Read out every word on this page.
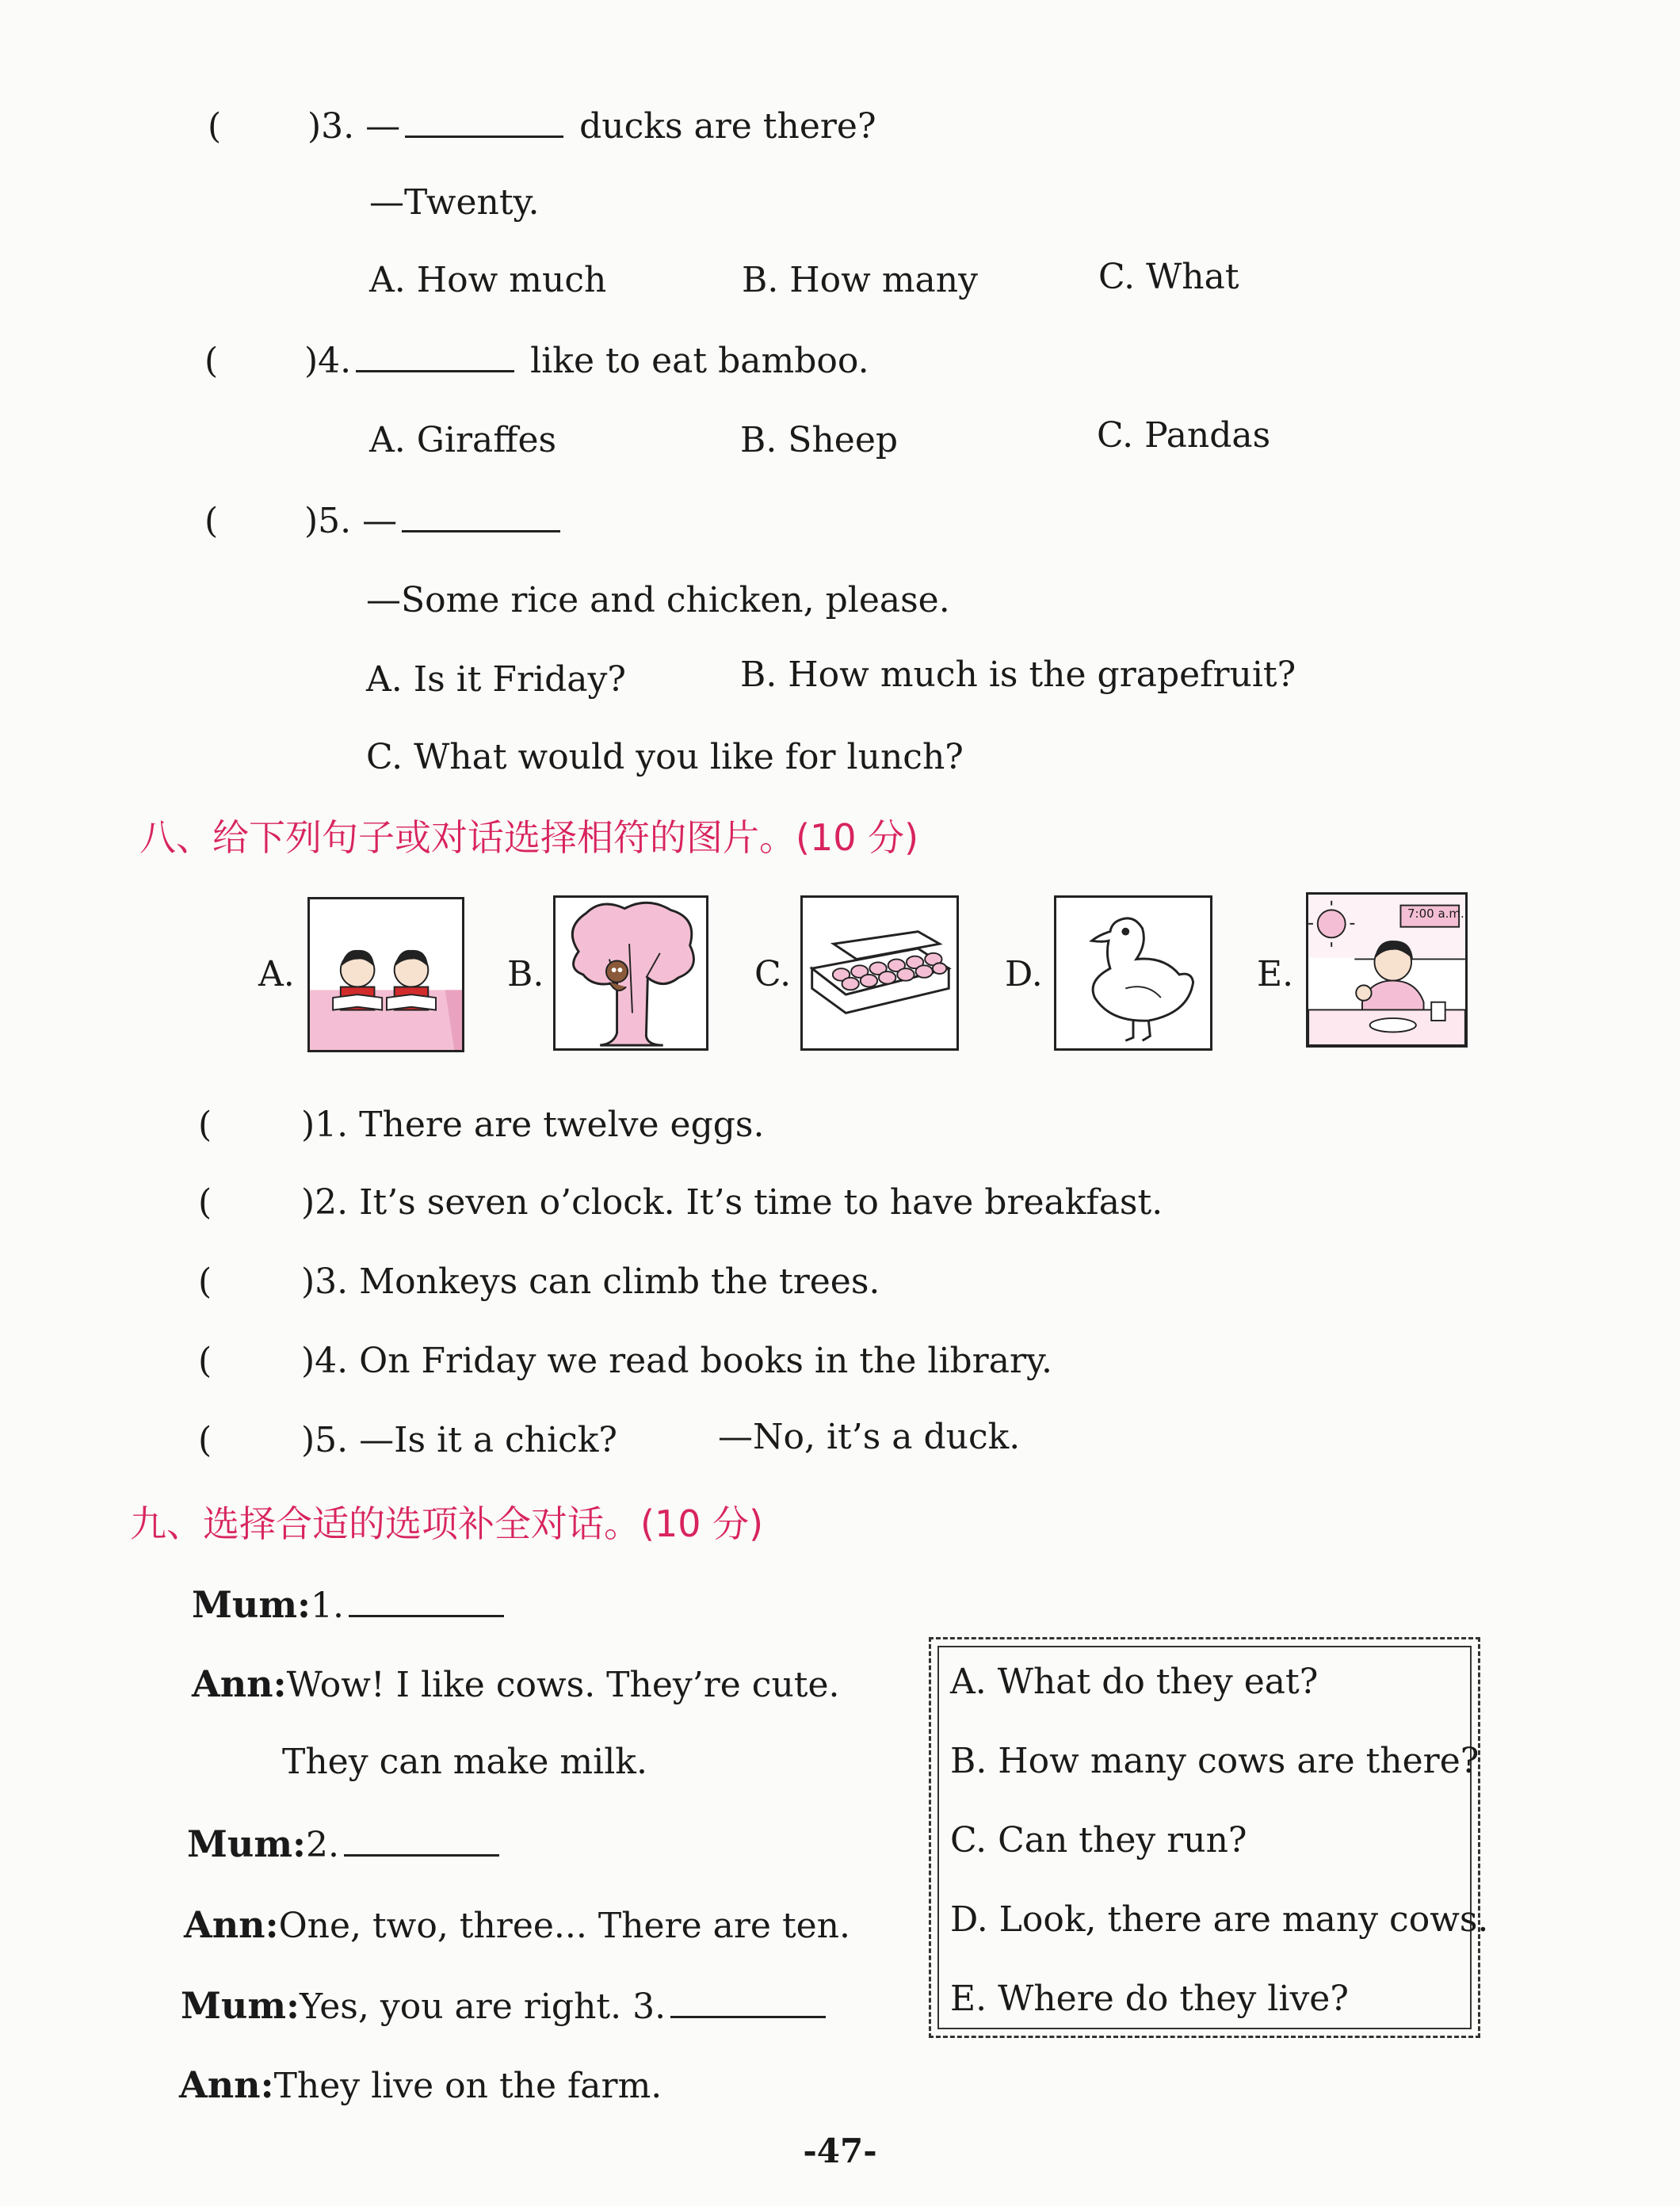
( )3. —	ducks are there?
—Twenty.
A. How much	B. How many	C. What
( )4.	like to eat bamboo.
A. Giraffes	B. Sheep	C. Pandas
( )5. —
—Some rice and chicken, please.
A. Is it Friday?	B. How much is the grapefruit?
C. What would you like for lunch?
八、给下列句子或对话选择相符的图片。(10 分)
A.	B.	C.	D.	E.
7:00 a.m.
(	)1. There are twelve eggs.
(	)2. It’s seven o’clock. It’s time to have breakfast.
(	)3. Monkeys can climb the trees.
(	)4. On Friday we read books in the library.
(	)5. —Is it a chick?	—No, it’s a duck.
九、选择合适的选项补全对话。(10 分)
Mum:1.
Ann:Wow! I like cows. They’re cute.
They can make milk.
Mum:2.
Ann:One, two, three... There are ten.
Mum:Yes, you are right. 3.
Ann:They live on the farm.
A. What do they eat?
B. How many cows are there?
C. Can they run?
D. Look, there are many cows.
E. Where do they live?
-47-
